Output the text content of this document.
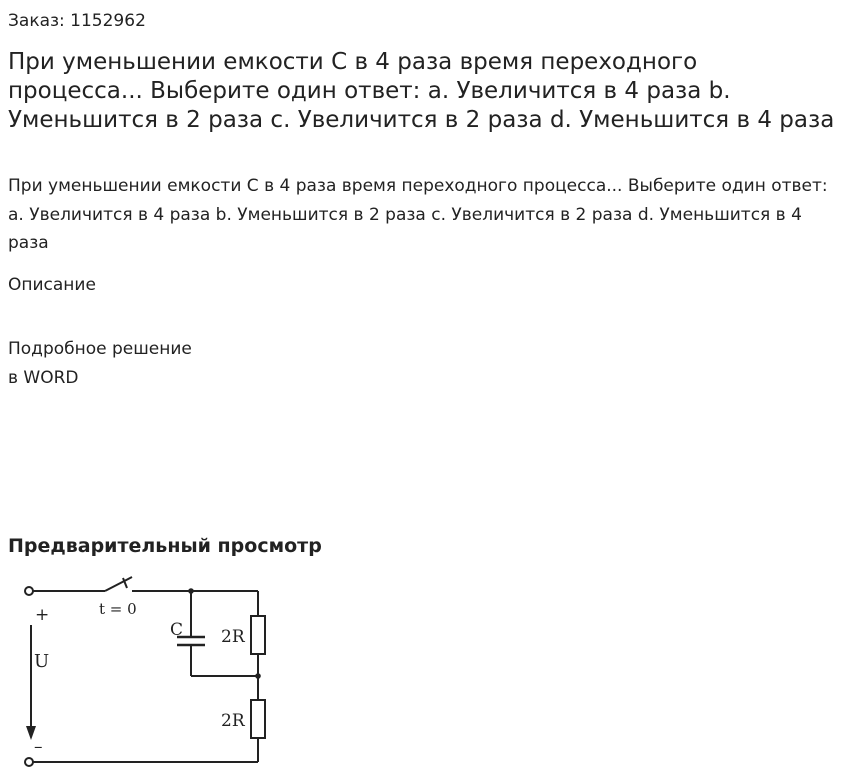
Заказ: 1152962
При уменьшении емкости C в 4 раза время переходного процесса... Выберите один ответ: a. Увеличится в 4 раза b. Уменьшится в 2 раза c. Увеличится в 2 раза d. Уменьшится в 4 раза
При уменьшении емкости C в 4 раза время переходного процесса... Выберите один ответ: a. Увеличится в 4 раза b. Уменьшится в 2 раза c. Увеличится в 2 раза d. Уменьшится в 4 раза
Описание
Подробное решение
в WORD
Предварительный просмотр
+
–
U
t = 0
C 2R
2R
